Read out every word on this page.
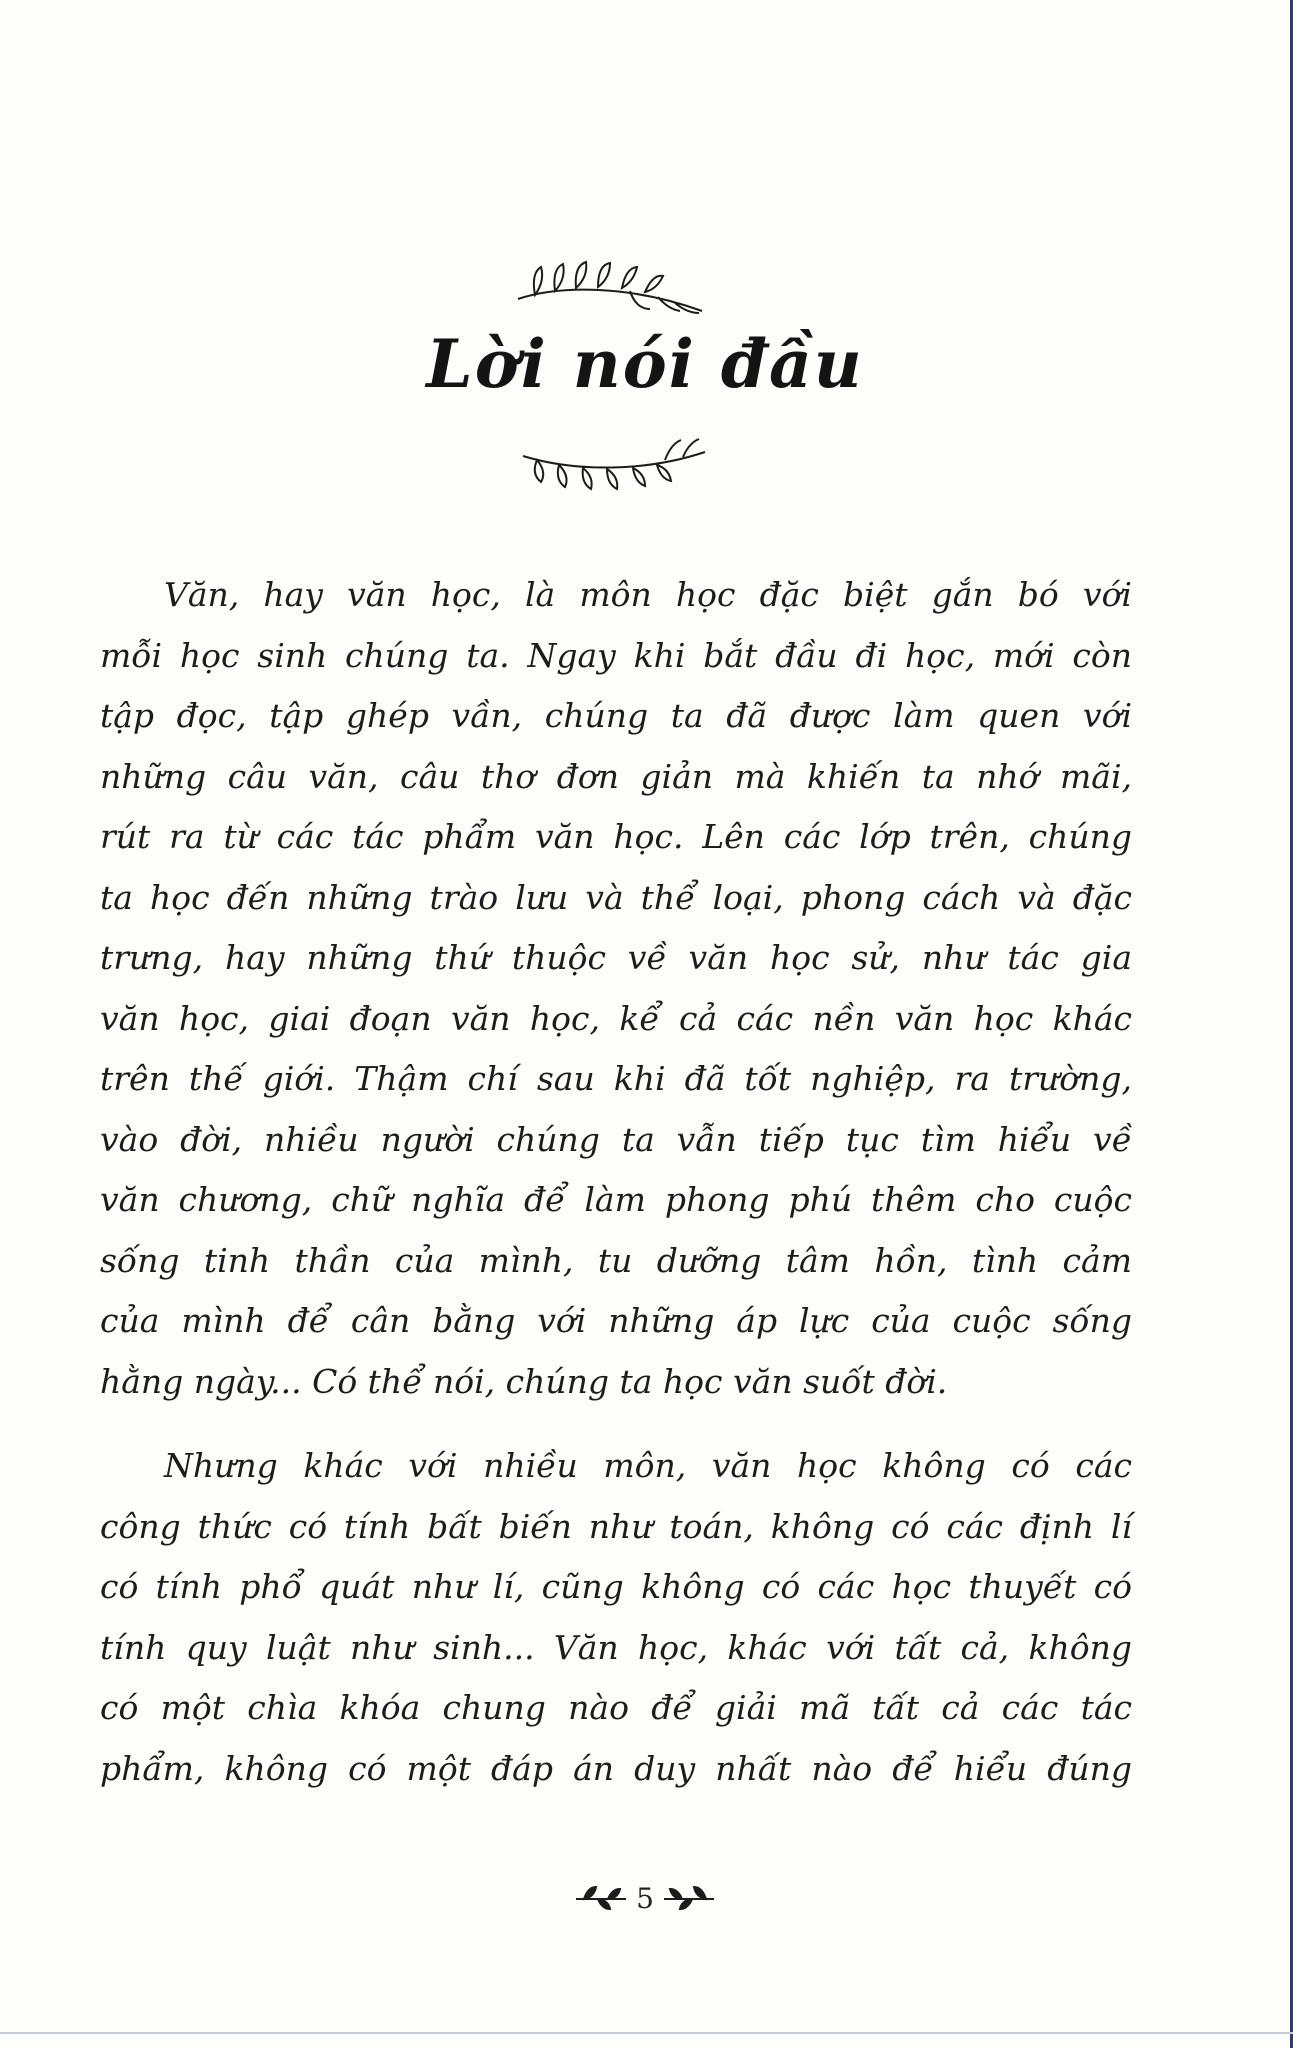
Lời nói đầu
Văn, hay văn học, là môn học đặc biệt gắn bó với
mỗi học sinh chúng ta. Ngay khi bắt đầu đi học, mới còn
tập đọc, tập ghép vần, chúng ta đã được làm quen với
những câu văn, câu thơ đơn giản mà khiến ta nhớ mãi,
rút ra từ các tác phẩm văn học. Lên các lớp trên, chúng
ta học đến những trào lưu và thể loại, phong cách và đặc
trưng, hay những thứ thuộc về văn học sử, như tác gia
văn học, giai đoạn văn học, kể cả các nền văn học khác
trên thế giới. Thậm chí sau khi đã tốt nghiệp, ra trường,
vào đời, nhiều người chúng ta vẫn tiếp tục tìm hiểu về
văn chương, chữ nghĩa để làm phong phú thêm cho cuộc
sống tinh thần của mình, tu dưỡng tâm hồn, tình cảm
của mình để cân bằng với những áp lực của cuộc sống
hằng ngày... Có thể nói, chúng ta học văn suốt đời.
Nhưng khác với nhiều môn, văn học không có các
công thức có tính bất biến như toán, không có các định lí
có tính phổ quát như lí, cũng không có các học thuyết có
tính quy luật như sinh... Văn học, khác với tất cả, không
có một chìa khóa chung nào để giải mã tất cả các tác
phẩm, không có một đáp án duy nhất nào để hiểu đúng
5
